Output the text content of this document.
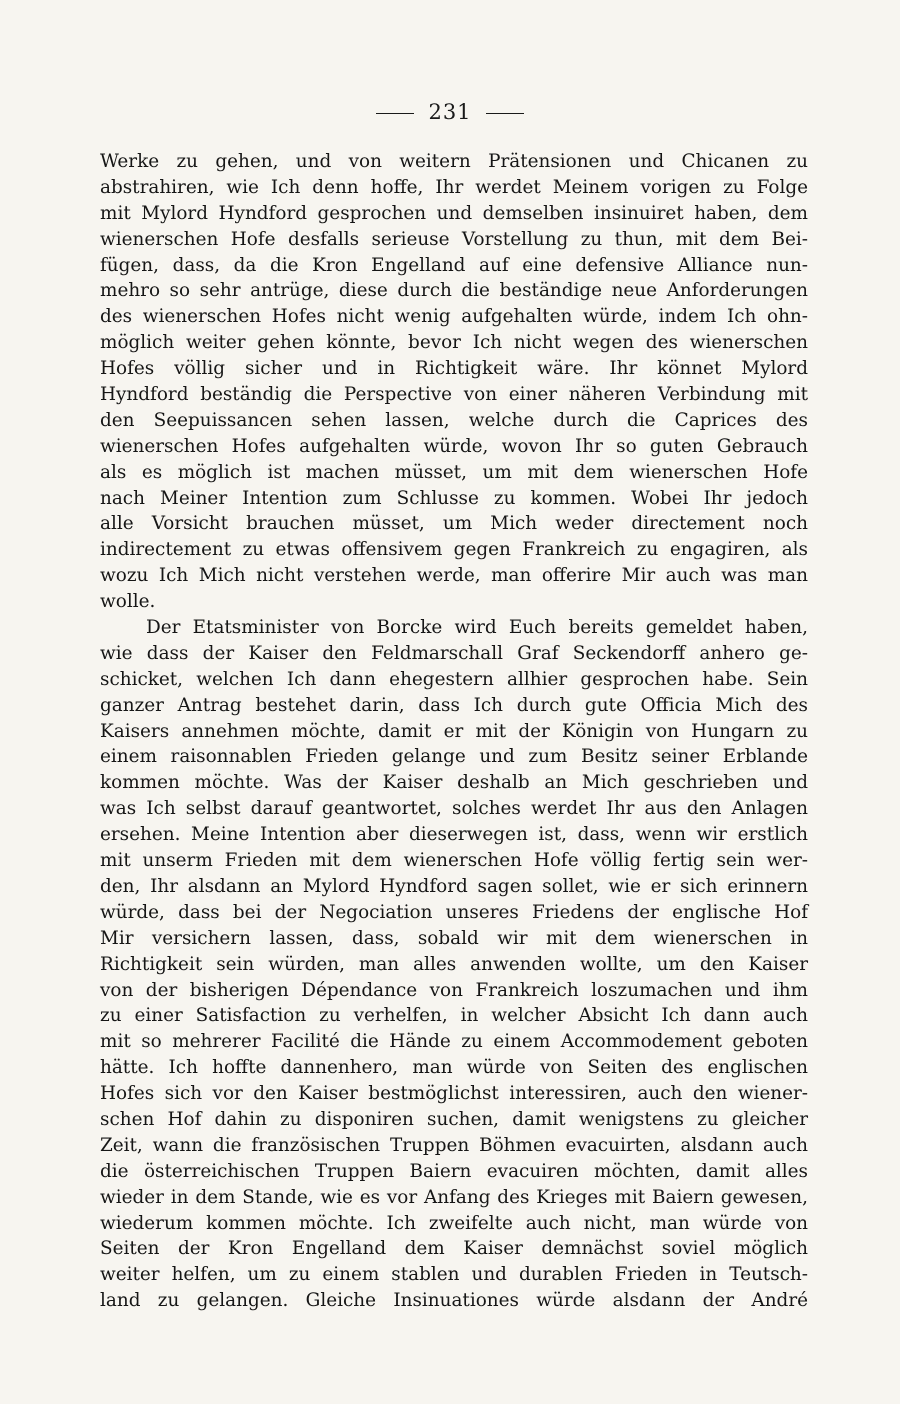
231
Werke zu gehen, und von weitern Prätensionen und Chicanen zu
abstrahiren, wie Ich denn hoffe, Ihr werdet Meinem vorigen zu Folge
mit Mylord Hyndford gesprochen und demselben insinuiret haben, dem
wienerschen Hofe desfalls serieuse Vorstellung zu thun, mit dem Bei-
fügen, dass, da die Kron Engelland auf eine defensive Alliance nun-
mehro so sehr antrüge, diese durch die beständige neue Anforderungen
des wienerschen Hofes nicht wenig aufgehalten würde, indem Ich ohn-
möglich weiter gehen könnte, bevor Ich nicht wegen des wienerschen
Hofes völlig sicher und in Richtigkeit wäre. Ihr könnet Mylord
Hyndford beständig die Perspective von einer näheren Verbindung mit
den Seepuissancen sehen lassen, welche durch die Caprices des
wienerschen Hofes aufgehalten würde, wovon Ihr so guten Gebrauch
als es möglich ist machen müsset, um mit dem wienerschen Hofe
nach Meiner Intention zum Schlusse zu kommen. Wobei Ihr jedoch
alle Vorsicht brauchen müsset, um Mich weder directement noch
indirectement zu etwas offensivem gegen Frankreich zu engagiren, als
wozu Ich Mich nicht verstehen werde, man offerire Mir auch was man
wolle.
Der Etatsminister von Borcke wird Euch bereits gemeldet haben,
wie dass der Kaiser den Feldmarschall Graf Seckendorff anhero ge-
schicket, welchen Ich dann ehegestern allhier gesprochen habe. Sein
ganzer Antrag bestehet darin, dass Ich durch gute Officia Mich des
Kaisers annehmen möchte, damit er mit der Königin von Hungarn zu
einem raisonnablen Frieden gelange und zum Besitz seiner Erblande
kommen möchte. Was der Kaiser deshalb an Mich geschrieben und
was Ich selbst darauf geantwortet, solches werdet Ihr aus den Anlagen
ersehen. Meine Intention aber dieserwegen ist, dass, wenn wir erstlich
mit unserm Frieden mit dem wienerschen Hofe völlig fertig sein wer-
den, Ihr alsdann an Mylord Hyndford sagen sollet, wie er sich erinnern
würde, dass bei der Negociation unseres Friedens der englische Hof
Mir versichern lassen, dass, sobald wir mit dem wienerschen in
Richtigkeit sein würden, man alles anwenden wollte, um den Kaiser
von der bisherigen Dépendance von Frankreich loszumachen und ihm
zu einer Satisfaction zu verhelfen, in welcher Absicht Ich dann auch
mit so mehrerer Facilité die Hände zu einem Accommodement geboten
hätte. Ich hoffte dannenhero, man würde von Seiten des englischen
Hofes sich vor den Kaiser bestmöglichst interessiren, auch den wiener-
schen Hof dahin zu disponiren suchen, damit wenigstens zu gleicher
Zeit, wann die französischen Truppen Böhmen evacuirten, alsdann auch
die österreichischen Truppen Baiern evacuiren möchten, damit alles
wieder in dem Stande, wie es vor Anfang des Krieges mit Baiern gewesen,
wiederum kommen möchte. Ich zweifelte auch nicht, man würde von
Seiten der Kron Engelland dem Kaiser demnächst soviel möglich
weiter helfen, um zu einem stablen und durablen Frieden in Teutsch-
land zu gelangen. Gleiche Insinuationes würde alsdann der André
